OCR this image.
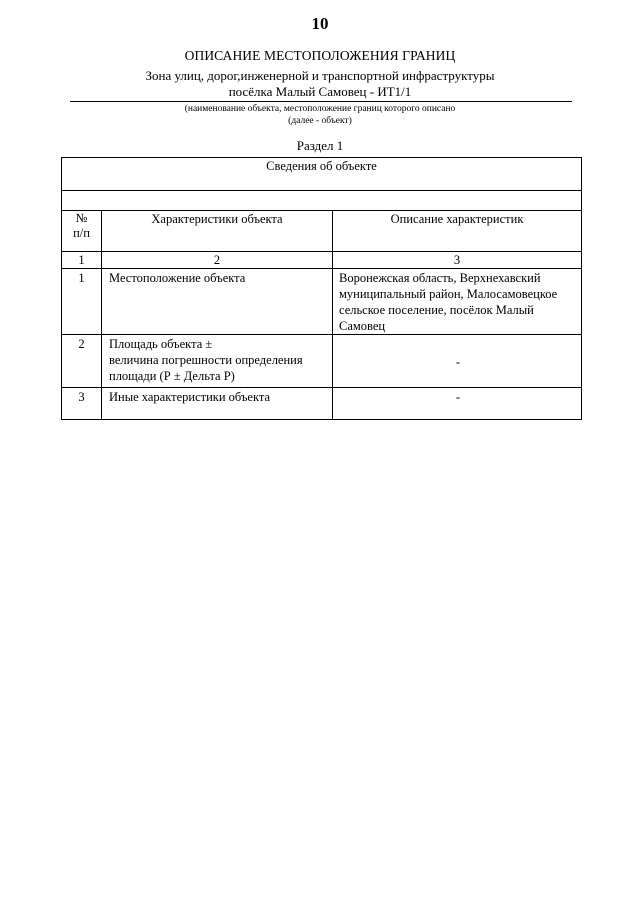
10
ОПИСАНИЕ МЕСТОПОЛОЖЕНИЯ ГРАНИЦ
Зона улиц, дорог,инженерной и транспортной инфраструктуры
посёлка Малый Самовец - ИТ1/1
(наименование объекта, местоположение границ которого описано
(далее - объект)
Раздел 1
Сведения об объекте		

№
п/п	Характеристики объекта	Описание характеристик
1	2	3
1	Местоположение объекта	Воронежская область, Верхнехавский муниципальный район, Малосамовецкое сельское поселение, посёлок Малый Самовец
2	Площадь объекта ±
величина погрешности определения
площади (Р ± Дельта Р)	-
3	Иные характеристики объекта	-
